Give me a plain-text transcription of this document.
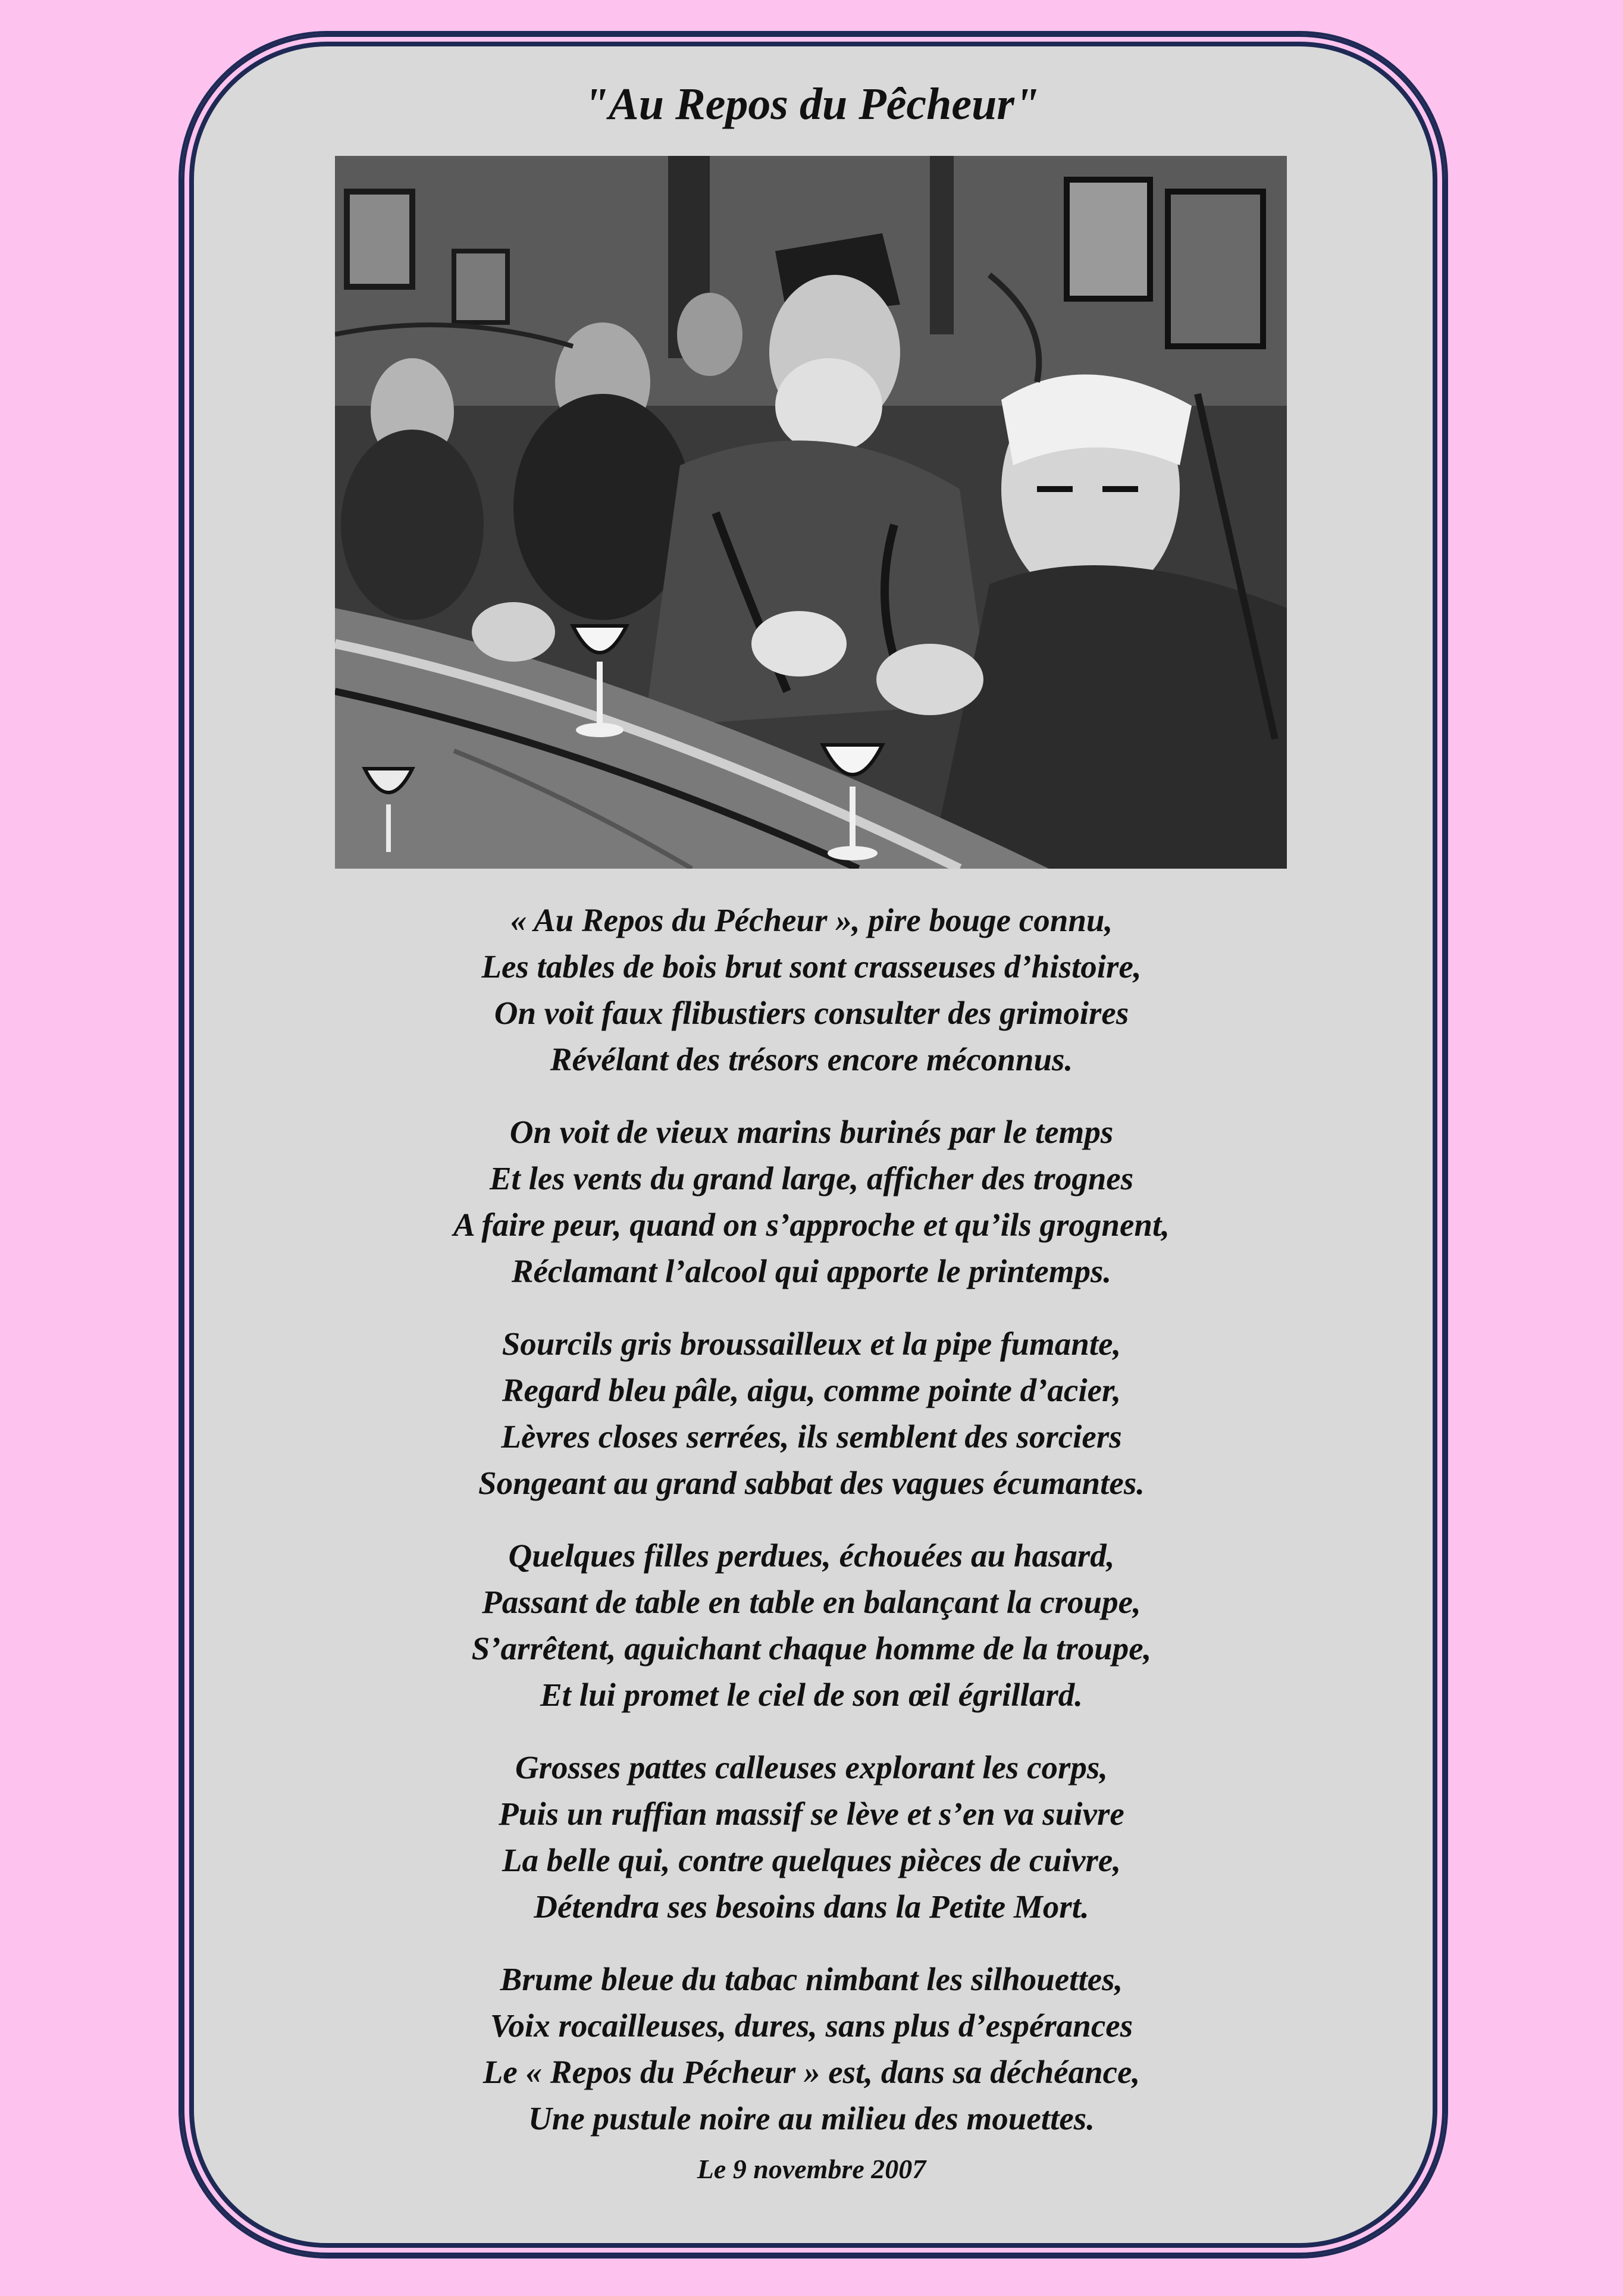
"Au Repos du Pêcheur"

« Au Repos du Pécheur », pire bouge connu,
Les tables de bois brut sont crasseuses d’histoire,
On voit faux flibustiers consulter des grimoires
Révélant des trésors encore méconnus.

On voit de vieux marins burinés par le temps
Et les vents du grand large, afficher des trognes
A faire peur, quand on s’approche et qu’ils grognent,
Réclamant l’alcool qui apporte le printemps.

Sourcils gris broussailleux et la pipe fumante,
Regard bleu pâle, aigu, comme pointe d’acier,
Lèvres closes serrées, ils semblent des sorciers
Songeant au grand sabbat des vagues écumantes.

Quelques filles perdues, échouées au hasard,
Passant de table en table en balançant la croupe,
S’arrêtent, aguichant chaque homme de la troupe,
Et lui promet le ciel de son œil égrillard.

Grosses pattes calleuses explorant les corps,
Puis un ruffian massif se lève et s’en va suivre
La belle qui, contre quelques pièces de cuivre,
Détendra ses besoins dans la Petite Mort.

Brume bleue du tabac nimbant les silhouettes,
Voix rocailleuses, dures, sans plus d’espérances
Le « Repos du Pécheur » est, dans sa déchéance,
Une pustule noire au milieu des mouettes.

Le 9 novembre 2007
